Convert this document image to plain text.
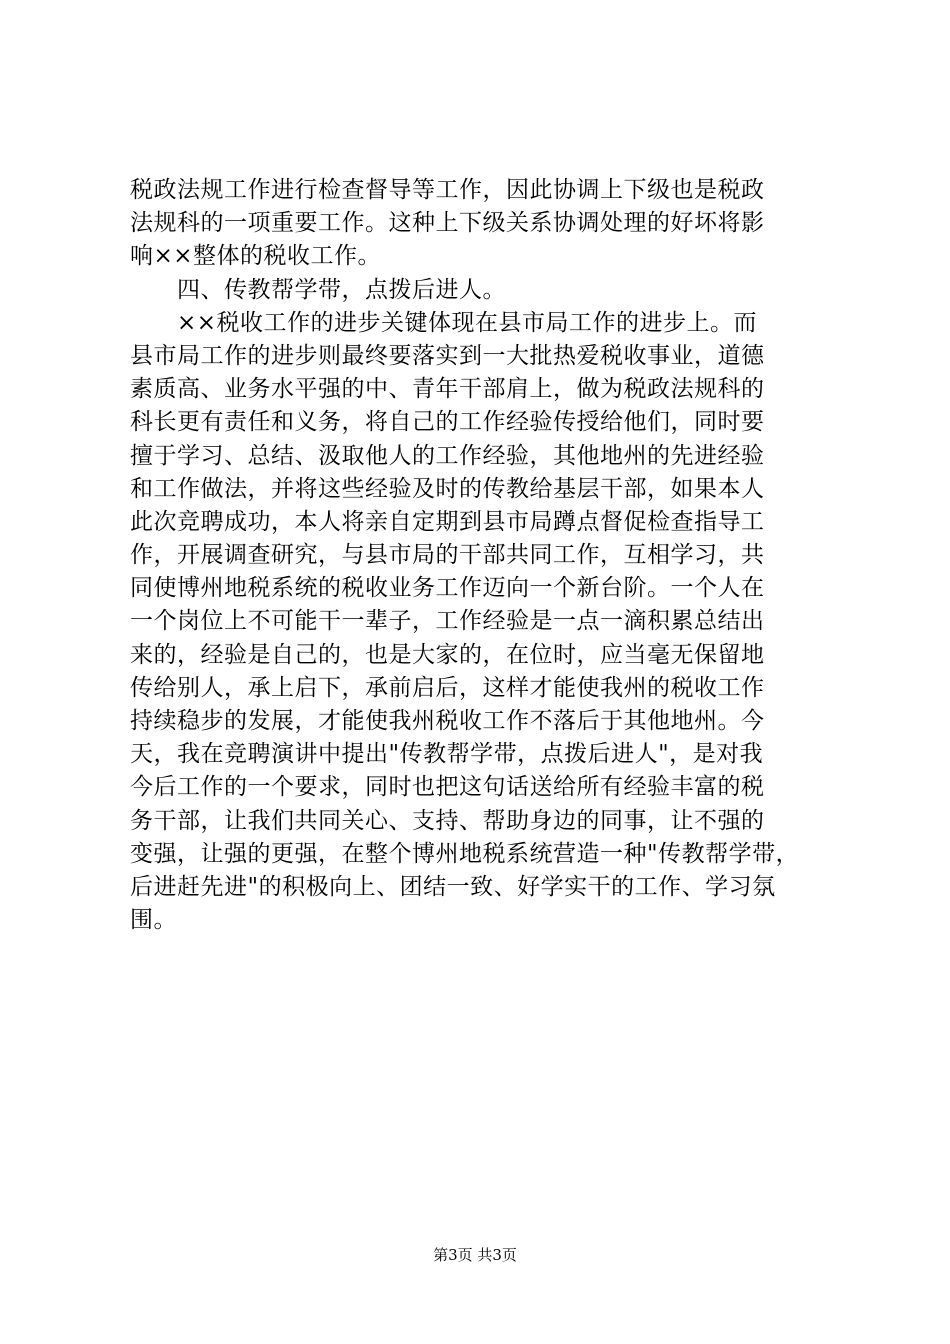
税政法规工作进行检查督导等工作，因此协调上下级也是税政
法规科的一项重要工作。这种上下级关系协调处理的好坏将影
响××整体的税收工作。
　　四、传教帮学带，点拨后进人。
　　××税收工作的进步关键体现在县市局工作的进步上。而
县市局工作的进步则最终要落实到一大批热爱税收事业，道德
素质高、业务水平强的中、青年干部肩上，做为税政法规科的
科长更有责任和义务，将自己的工作经验传授给他们，同时要
擅于学习、总结、汲取他人的工作经验，其他地州的先进经验
和工作做法，并将这些经验及时的传教给基层干部，如果本人
此次竞聘成功，本人将亲自定期到县市局蹲点督促检查指导工
作，开展调查研究，与县市局的干部共同工作，互相学习，共
同使博州地税系统的税收业务工作迈向一个新台阶。一个人在
一个岗位上不可能干一辈子，工作经验是一点一滴积累总结出
来的，经验是自己的，也是大家的，在位时，应当毫无保留地
传给别人，承上启下，承前启后，这样才能使我州的税收工作
持续稳步的发展，才能使我州税收工作不落后于其他地州。今
天，我在竞聘演讲中提出"传教帮学带，点拨后进人"，是对我
今后工作的一个要求，同时也把这句话送给所有经验丰富的税
务干部，让我们共同关心、支持、帮助身边的同事，让不强的
变强，让强的更强，在整个博州地税系统营造一种"传教帮学带，
后进赶先进"的积极向上、团结一致、好学实干的工作、学习氛
围。
第3页 共3页
